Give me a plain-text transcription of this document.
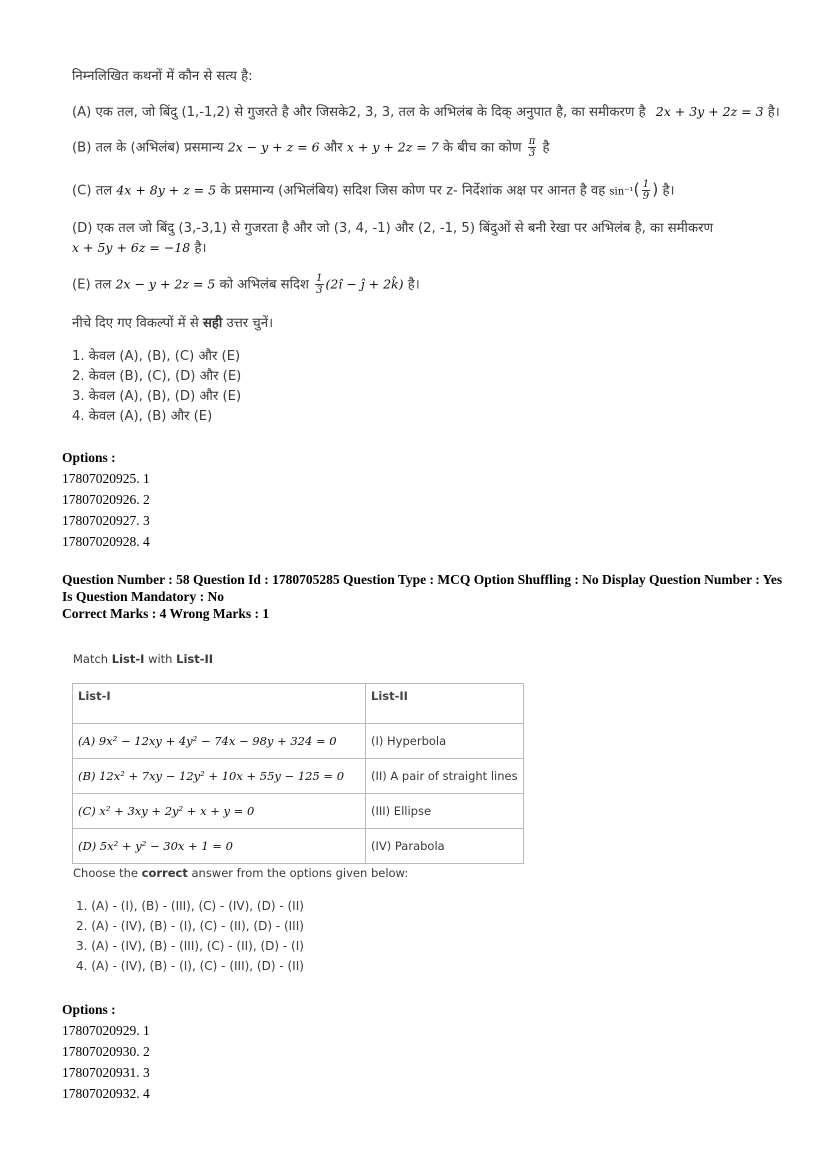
निम्नलिखित कथनों में कौन से सत्य है:
(A) एक तल, जो बिंदु (1,-1,2) से गुजरते है और जिसके2, 3, 3, तल के अभिलंब के दिक् अनुपात है, का समीकरण है 2x + 3y + 2z = 3 है।
(B) तल के (अभिलंब) प्रसमान्य 2x − y + z = 6 और x + y + 2z = 7 के बीच का कोण $\frac{\pi}{3}$ है
(C) तल 4x + 8y + z = 5 के प्रसमान्य (अभिलंबिय) सदिश जिस कोण पर z- निर्देशांक अक्ष पर आनत है वह $\sin^{-1}( \frac{1}{9}$ ) है।
(D) एक तल जो बिंदु (3,-3,1) से गुजरता है और जो (3, 4, -1) और (2, -1, 5) बिंदुओं से बनी रेखा पर अभिलंब है, का समीकरण
x + 5y + 6z = −18 है।
(E) तल 2x − y + 2z = 5 को अभिलंब सदिश $\frac{1}{3}$ (2î − ĵ + 2k̂) है।
नीचे दिए गए विकल्पों में से सही उत्तर चुनें।
1. केवल (A), (B), (C) और (E)
2. केवल (B), (C), (D) और (E)
3. केवल (A), (B), (D) और (E)
4. केवल (A), (B) और (E)
Options :
17807020925. 1
17807020926. 2
17807020927. 3
17807020928. 4
Question Number : 58 Question Id : 1780705285 Question Type : MCQ Option Shuffling : No Display Question Number : Yes
Is Question Mandatory : No
Correct Marks : 4 Wrong Marks : 1
Match List-I with List-II
List-I	List-II
(A) 9x² − 12xy + 4y² − 74x − 98y + 324 = 0	(I) Hyperbola
(B) 12x² + 7xy − 12y² + 10x + 55y − 125 = 0	(II) A pair of straight lines
(C) x² + 3xy + 2y² + x + y = 0	(III) Ellipse
(D) 5x² + y² − 30x + 1 = 0	(IV) Parabola
Choose the correct answer from the options given below:
1. (A) - (I), (B) - (III), (C) - (IV), (D) - (II)
2. (A) - (IV), (B) - (I), (C) - (II), (D) - (III)
3. (A) - (IV), (B) - (III), (C) - (II), (D) - (I)
4. (A) - (IV), (B) - (I), (C) - (III), (D) - (II)
Options :
17807020929. 1
17807020930. 2
17807020931. 3
17807020932. 4
